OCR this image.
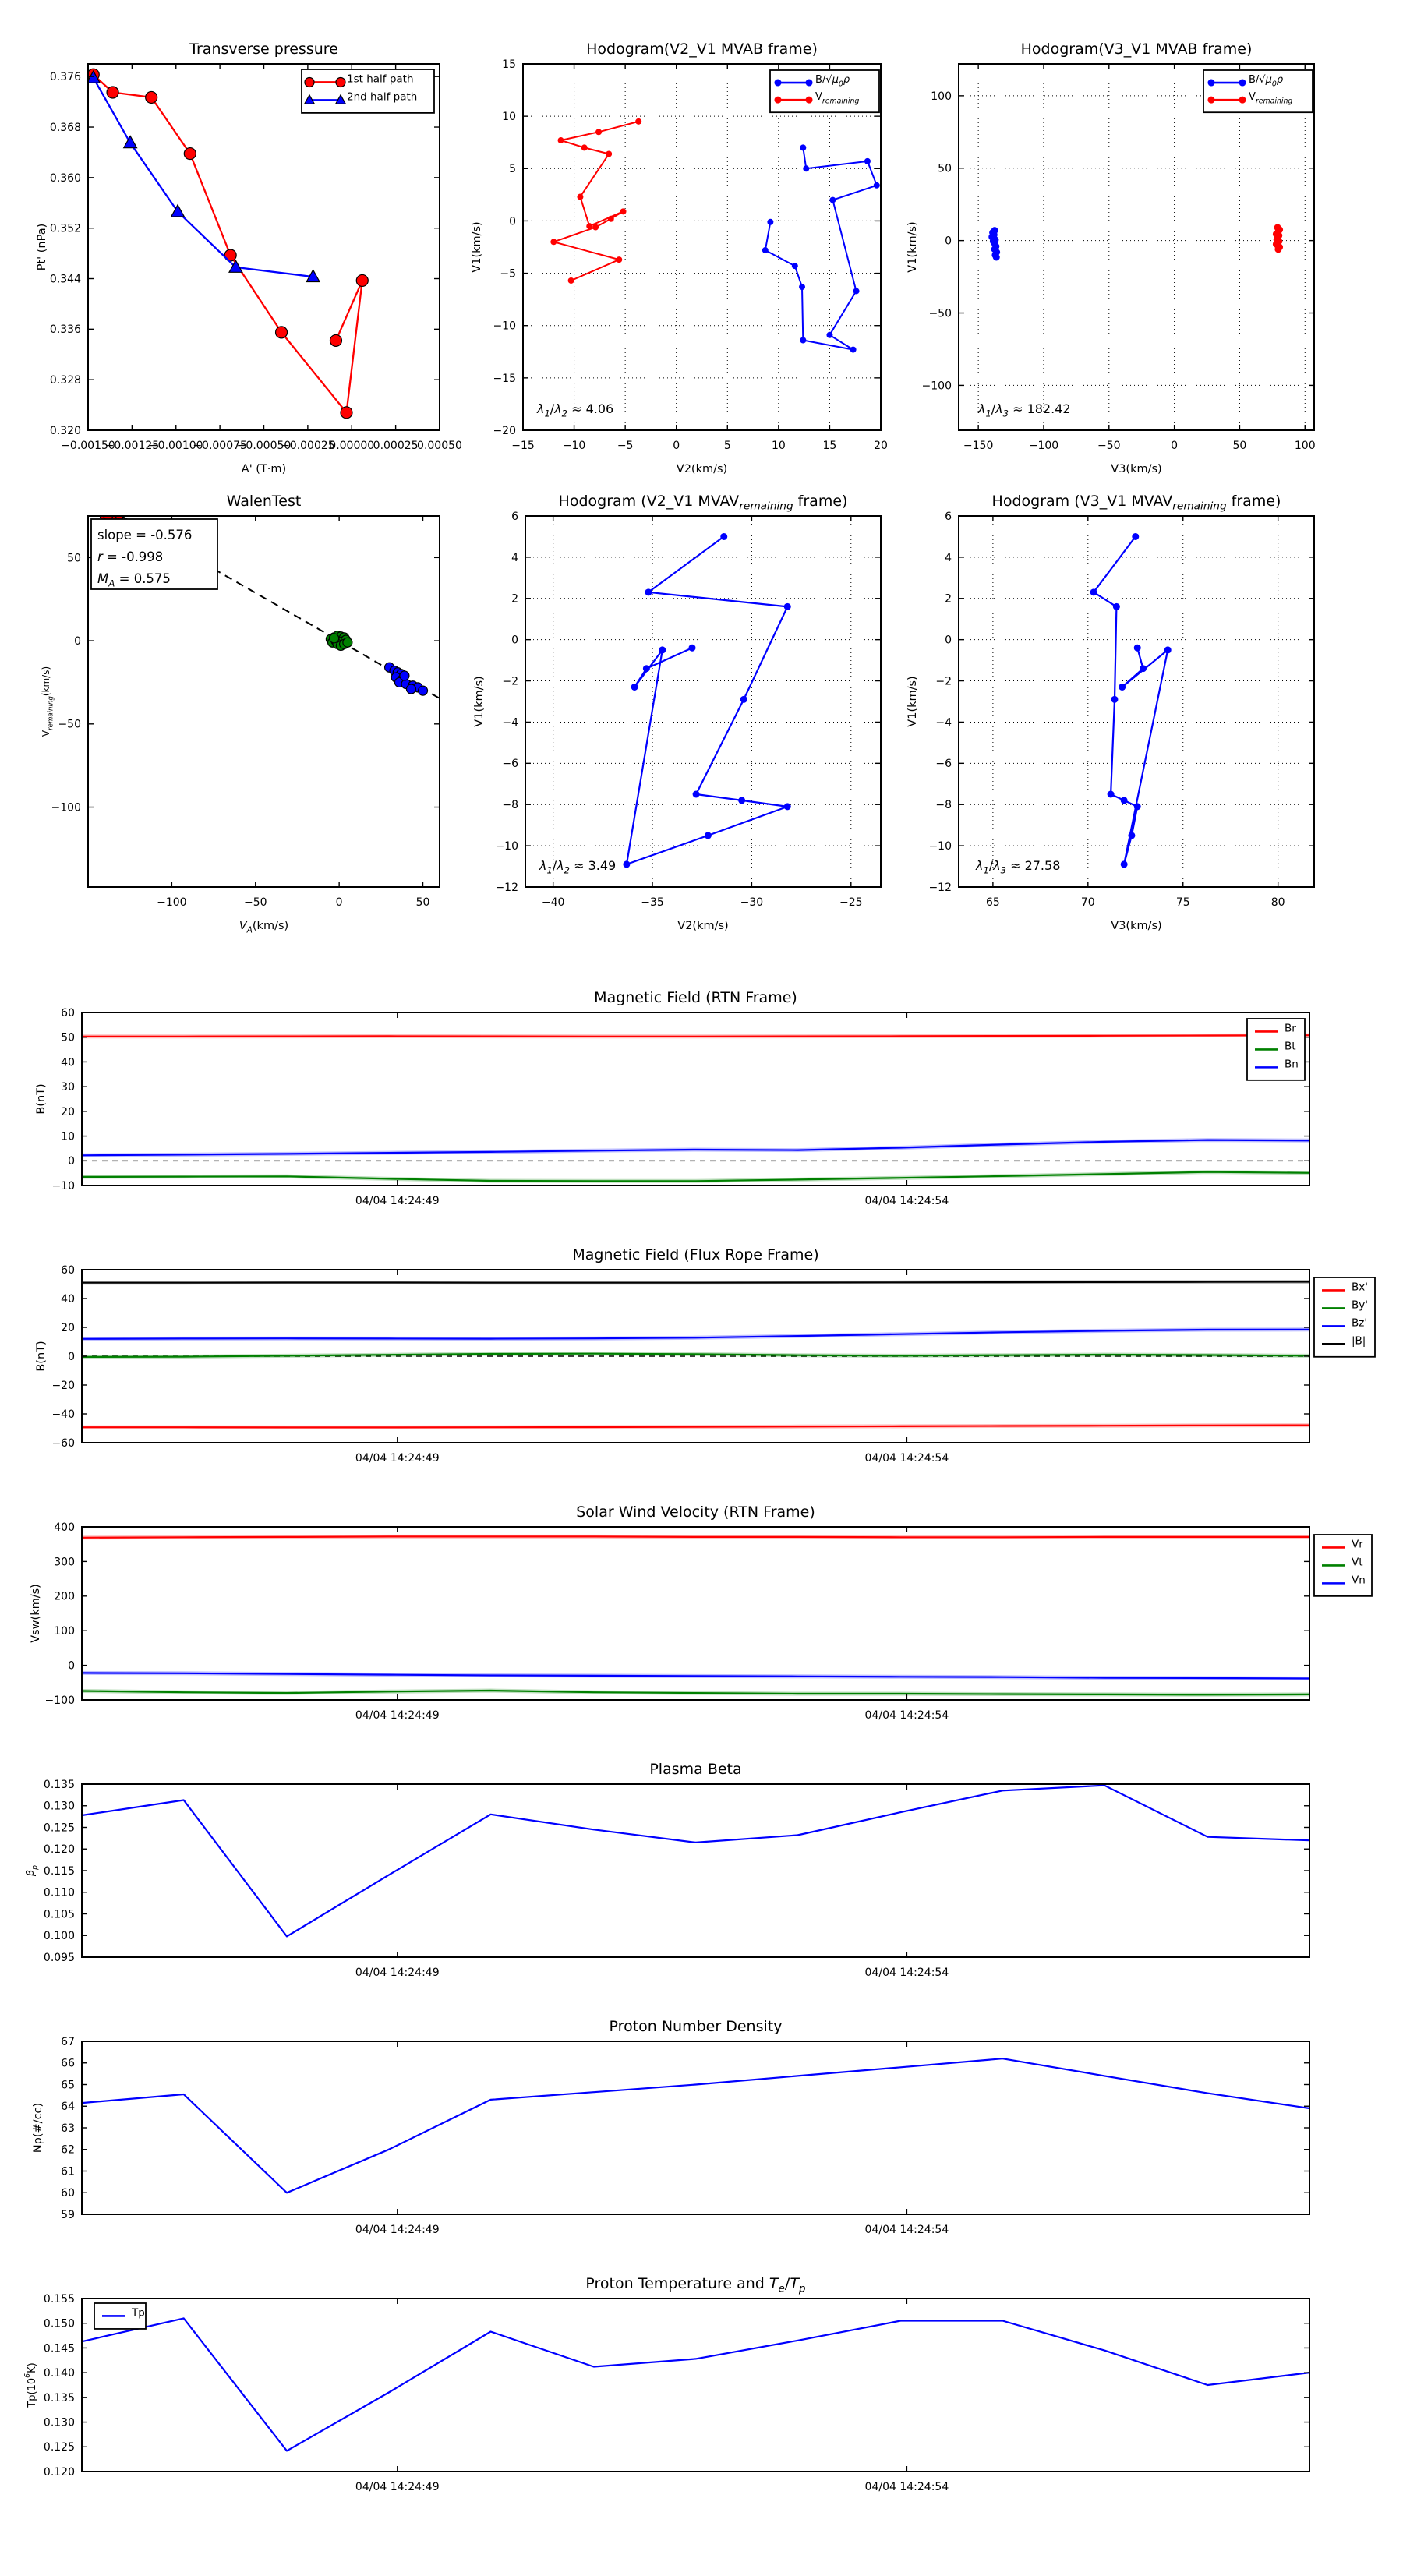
−0.00150
−0.00125
−0.00100
−0.00075
−0.00050
−0.00025
0.00000
0.00025
0.00050
0.320
0.328
0.336
0.344
0.352
0.360
0.368
0.376
Transverse pressure
A' (T·m)
Pt' (nPa)
1st half path
2nd half path
−15	−10	−5	0	5	10	15	20
−20
−15
−10
−5
0
5
10
15
Hodogram(V2_V1 MVAB frame)
V2(km/s)
V1(km/s)
$\lambda_1/\lambda_2 \approx 4.06$
$B/√\mu_0\rho$
$V_{remaining}$
−150	−100	−50	0	50	100
−100
−50
0
50
100
Hodogram(V3_V1 MVAB frame)
V3(km/s)
V1(km/s)
$\lambda_1/\lambda_3 \approx 182.42$
$B/√\mu_0\rho$
$V_{remaining}$
−100	−50	0	50
−100
−50
0
50
WalenTest
$V_A(km/s)$
$V_{remaining}(km/s)$
slope = -0.576
r = -0.998
$M_A = 0.575$
−40	−35	−30	−25
−12
−10
−8
−6
−4
−2
0
2
4
6
Hodogram (V2_V1 $MVAV_{remaining}$ frame)
V2(km/s)
V1(km/s)
$\lambda_1/\lambda_2 \approx 3.49$
65	70	75	80
−12
−10
−8
−6
−4
−2
0
2
4
6
Hodogram (V3_V1 $MVAV_{remaining}$ frame)
V3(km/s)
V1(km/s)
$\lambda_1/\lambda_3 \approx 27.58$
04/04 14:24:49	04/04 14:24:54
−10
0
10
20
30
40
50
60
Magnetic Field (RTN Frame)
B(nT)
Br
Bt
Bn
04/04 14:24:49	04/04 14:24:54
−60
−40
−20
0
20
40
60
Magnetic Field (Flux Rope Frame)
B(nT)
Bx'
By'
Bz'
|B|
04/04 14:24:49	04/04 14:24:54
−100
0
100
200
300
400
Solar Wind Velocity (RTN Frame)
Vsw(km/s)
Vr
Vt
Vn
04/04 14:24:49	04/04 14:24:54
0.095
0.100
0.105
0.110
0.115
0.120
0.125
0.130
0.135
Plasma Beta
$\beta_p$
04/04 14:24:49	04/04 14:24:54
59
60
61
62
63
64
65
66
67
Proton Number Density
Np(#/cc)
04/04 14:24:49	04/04 14:24:54
0.120
0.125
0.130
0.135
0.140
0.145
0.150
0.155
Proton Temperature and $T_e/T_p$
$Tp(10^6K)$
Tp
